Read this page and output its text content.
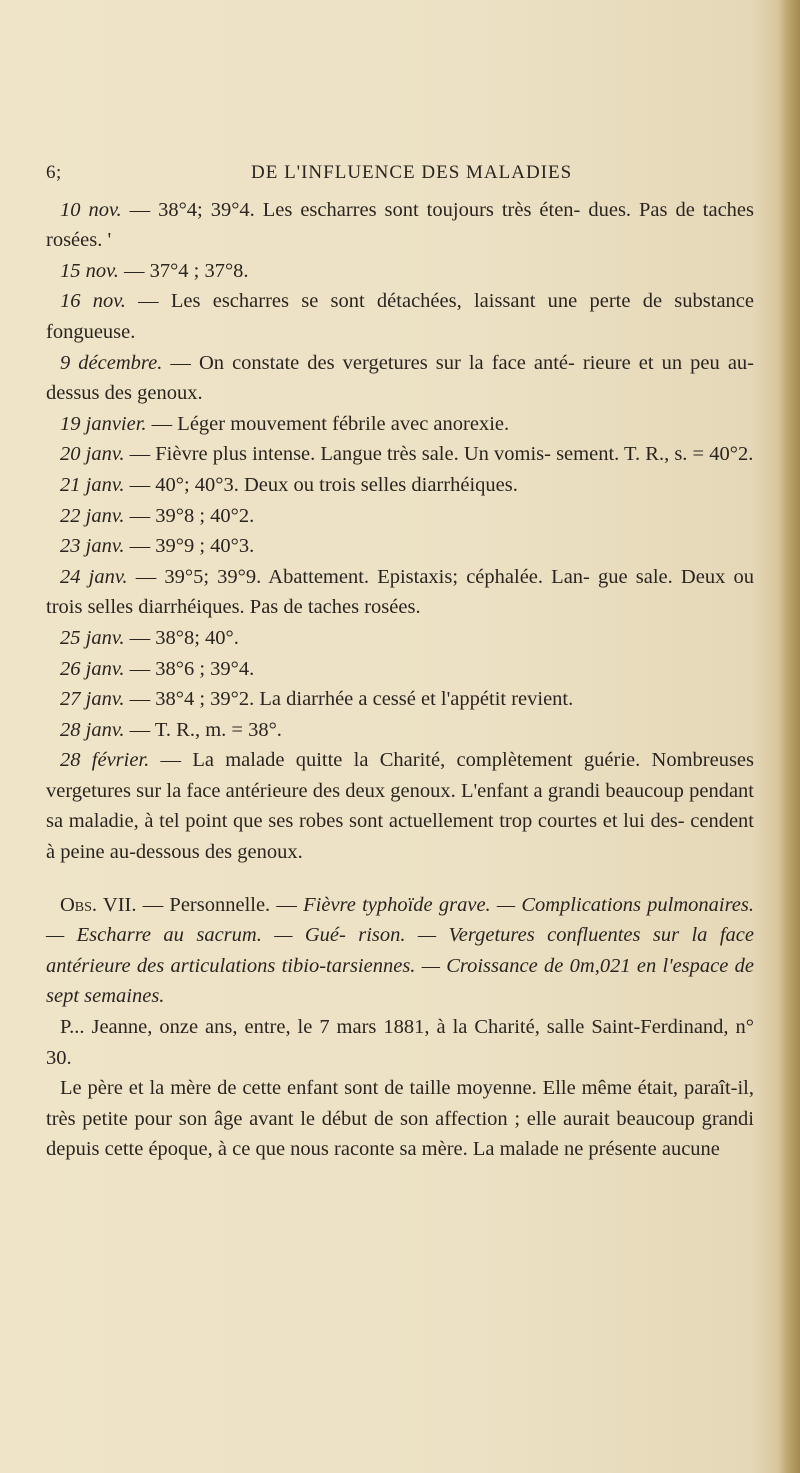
6;	DE L'INFLUENCE DES MALADIES

10 nov. — 38°4; 39°4. Les escharres sont toujours très éten- dues. Pas de taches rosées. '

15 nov. — 37°4 ; 37°8.

16 nov. — Les escharres se sont détachées, laissant une perte de substance fongueuse.

9 décembre. — On constate des vergetures sur la face anté- rieure et un peu au-dessus des genoux.

19 janvier. — Léger mouvement fébrile avec anorexie.

20 janv. — Fièvre plus intense. Langue très sale. Un vomis- sement. T. R., s. = 40°2.

21 janv. — 40°; 40°3. Deux ou trois selles diarrhéiques.

22 janv. — 39°8 ; 40°2.

23 janv. — 39°9 ; 40°3.

24 janv. — 39°5; 39°9. Abattement. Epistaxis; céphalée. Lan- gue sale. Deux ou trois selles diarrhéiques. Pas de taches rosées.

25 janv. — 38°8; 40°.

26 janv. — 38°6 ; 39°4.

27 janv. — 38°4 ; 39°2. La diarrhée a cessé et l'appétit revient.

28 janv. — T. R., m. = 38°.

28 février. — La malade quitte la Charité, complètement guérie. Nombreuses vergetures sur la face antérieure des deux genoux. L'enfant a grandi beaucoup pendant sa maladie, à tel point que ses robes sont actuellement trop courtes et lui des- cendent à peine au-dessous des genoux.

Obs. VII. — Personnelle. — Fièvre typhoïde grave. — Complications pulmonaires. — Escharre au sacrum. — Gué- rison. — Vergetures confluentes sur la face antérieure des articulations tibio-tarsiennes. — Croissance de 0m,021 en l'espace de sept semaines.

P... Jeanne, onze ans, entre, le 7 mars 1881, à la Charité, salle Saint-Ferdinand, n° 30.

Le père et la mère de cette enfant sont de taille moyenne. Elle même était, paraît-il, très petite pour son âge avant le début de son affection ; elle aurait beaucoup grandi depuis cette époque, à ce que nous raconte sa mère. La malade ne présente aucune
